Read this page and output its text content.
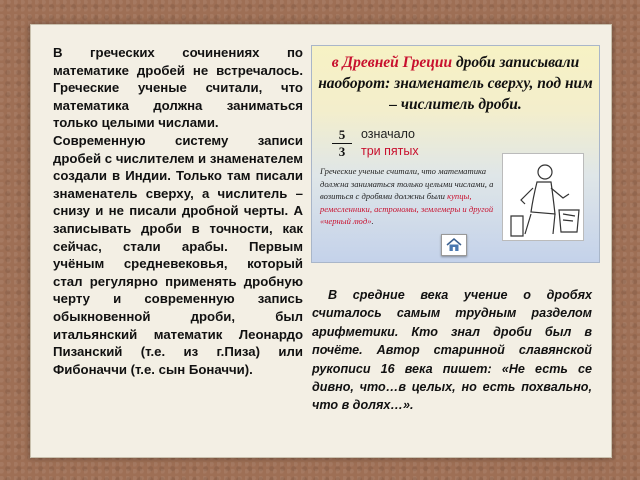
В греческих сочинениях по математике дробей не встречалось. Греческие ученые считали, что математика должна заниматься только целыми числами.

Современную систему записи дробей с числителем и знаменателем создали в Индии. Только там писали знаменатель сверху, а числитель – снизу и не писали дробной черты. А записывать дроби в точности, как сейчас, стали арабы. Первым учёным средневековья, который стал регулярно применять дробную черту и современную запись обыкновенной дроби, был итальянский математик Леонардо Пизанский (т.е. из г.Пиза) или Фибоначчи (т.е. сын Боначчи).

в Древней Греции дроби записывали наоборот: знаменатель сверху, под ним – числитель дроби.
5
3
означало
три пятых
Греческие ученые считали, что математика должна заниматься только целыми числами, а возиться с дробями должны были купцы, ремесленники, астрономы, землемеры и другой «черный люд».

В средние века учение о дробях считалось самым трудным разделом арифметики. Кто знал дроби был в почёте. Автор старинной славянской рукописи 16 века пишет: «Не есть се дивно, что…в целых, но есть похвально, что в долях…».
